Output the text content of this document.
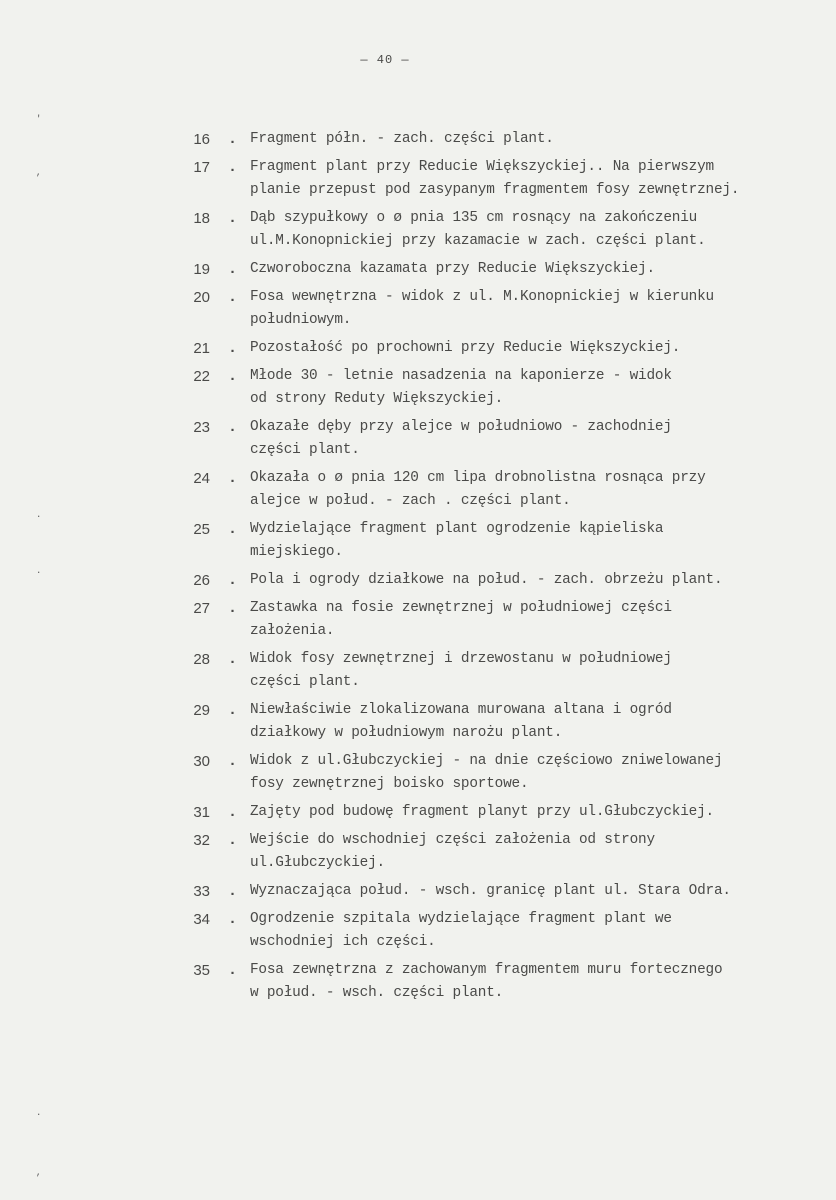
— 40 —
'
,
·
·
·
,
16 . Fragment półn. - zach. części plant.
17 . Fragment plant przy Reducie Większyckiej.. Na pierwszym
planie przepust pod zasypanym fragmentem fosy zewnętrznej.
18 . Dąb szypułkowy o ø pnia 135 cm rosnący na zakończeniu
ul.M.Konopnickiej przy kazamacie w zach. części plant.
19 . Czworoboczna kazamata przy Reducie Większyckiej.
20 . Fosa wewnętrzna - widok z ul. M.Konopnickiej w kierunku
południowym.
21 . Pozostałość po prochowni przy Reducie Większyckiej.
22 . Młode 30 - letnie nasadzenia na kaponierze - widok
od strony Reduty Większyckiej.
23 . Okazałe dęby przy alejce w południowo - zachodniej
części plant.
24 . Okazała o ø pnia 120 cm lipa drobnolistna rosnąca przy
alejce w połud. - zach . części plant.
25 . Wydzielające fragment plant ogrodzenie kąpieliska
miejskiego.
26 . Pola i ogrody działkowe na połud. - zach. obrzeżu plant.
27 . Zastawka na fosie zewnętrznej w południowej części
założenia.
28 . Widok fosy zewnętrznej i drzewostanu w południowej
części plant.
29 . Niewłaściwie zlokalizowana murowana altana i ogród
działkowy w południowym narożu plant.
30 . Widok z ul.Głubczyckiej - na dnie częściowo zniwelowanej
fosy zewnętrznej boisko sportowe.
31 . Zajęty pod budowę fragment planyt przy ul.Głubczyckiej.
32 . Wejście do wschodniej części założenia od strony
ul.Głubczyckiej.
33 . Wyznaczająca połud. - wsch. granicę plant ul. Stara Odra.
34 . Ogrodzenie szpitala wydzielające fragment plant we
wschodniej ich części.
35 . Fosa zewnętrzna z zachowanym fragmentem muru fortecznego
w połud. - wsch. części plant.
